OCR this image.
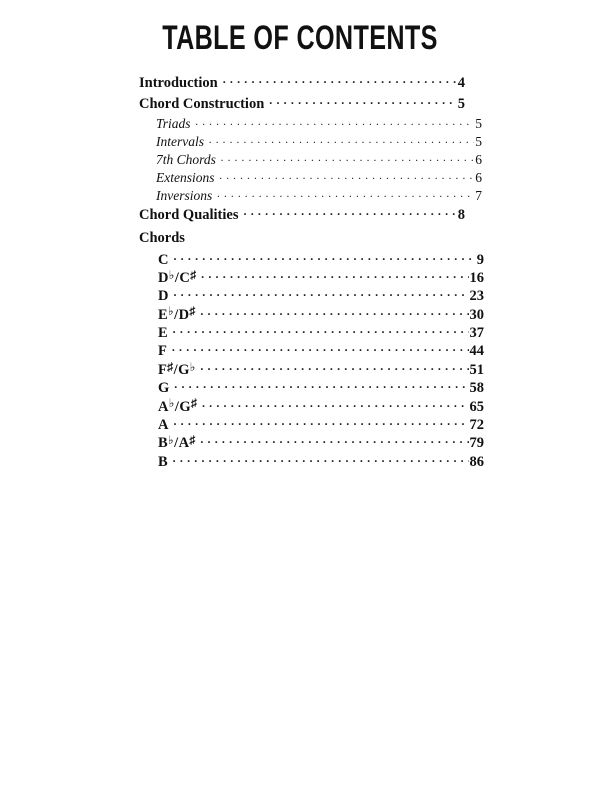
TABLE OF CONTENTS
Introduction . . .	4
Chord Construction . . .	5
Triads . . .	5
Intervals . . .	5
7th Chords . . .	6
Extensions . . .	6
Inversions . . .	7
Chord Qualities . . .	8
Chords
C . . .	9
D♭/C♯ . . .	16
D . . .	23
E♭/D♯ . . .	30
E . . .	37
F . . .	44
F♯/G♭ . . .	51
G . . .	58
A♭/G♯ . . .	65
A . . .	72
B♭/A♯ . . .	79
B . . .	86
